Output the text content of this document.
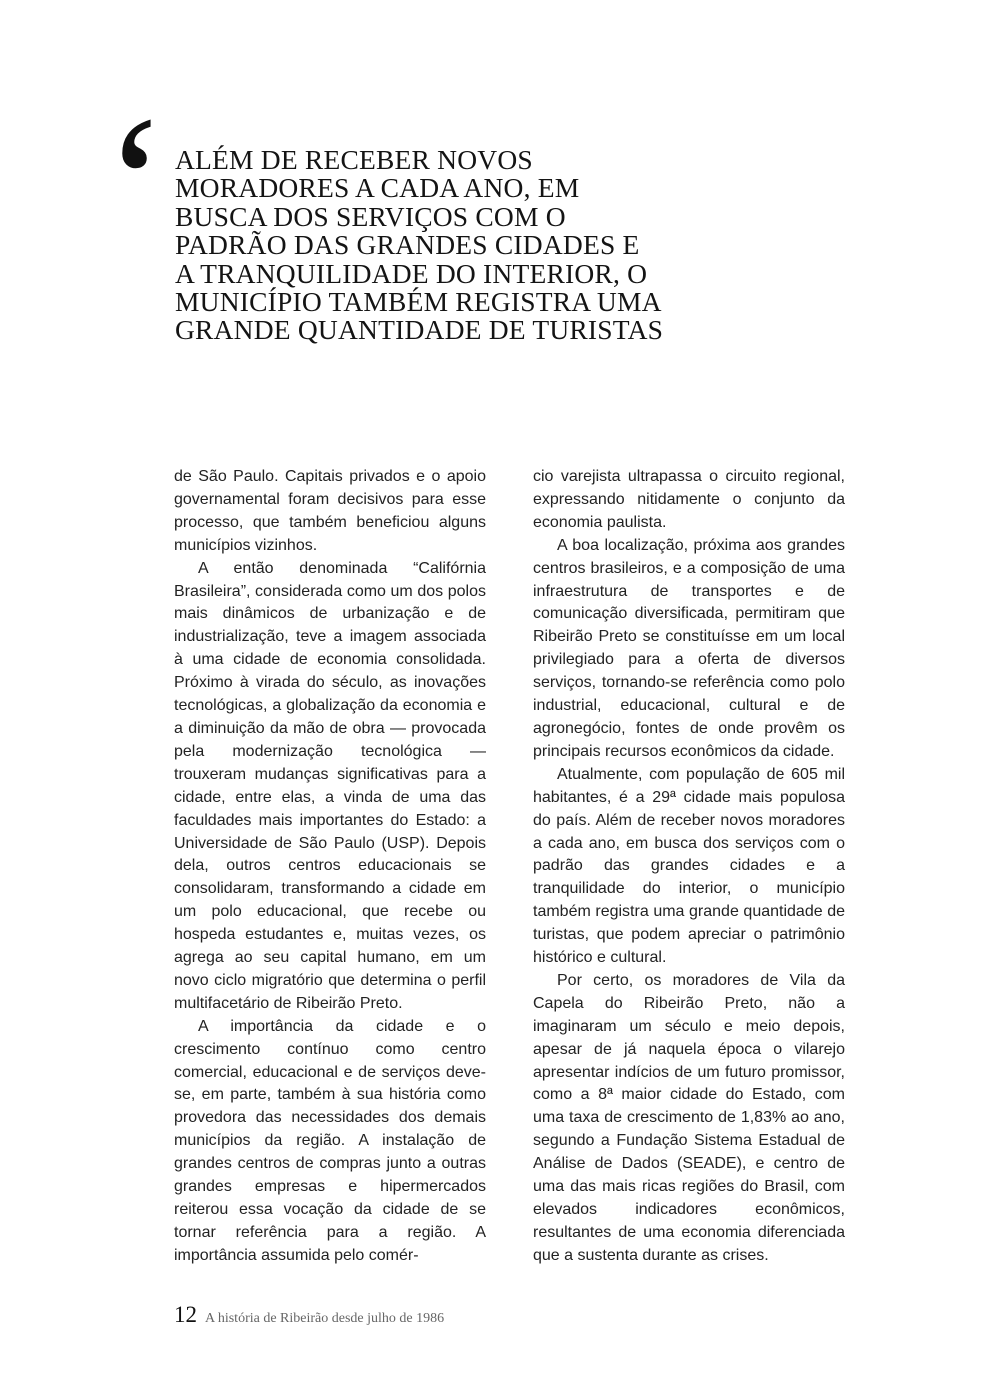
‘ ALÉM DE RECEBER NOVOS
MORADORES A CADA ANO, EM
BUSCA DOS SERVIÇOS COM O
PADRÃO DAS GRANDES CIDADES E
A TRANQUILIDADE DO INTERIOR, O
MUNICÍPIO TAMBÉM REGISTRA UMA
GRANDE QUANTIDADE DE TURISTAS

de São Paulo. Capitais privados e o apoio governamental foram decisivos para esse processo, que também beneficiou alguns municípios vizinhos.

A então denominada “Califórnia Brasileira”, considerada como um dos polos mais dinâmicos de urbanização e de industrialização, teve a imagem associada à uma cidade de economia consolidada. Próximo à virada do século, as inovações tecnológicas, a globalização da economia e a diminuição da mão de obra — provocada pela modernização tecnológica — trouxeram mudanças significativas para a cidade, entre elas, a vinda de uma das faculdades mais importantes do Estado: a Universidade de São Paulo (USP). Depois dela, outros centros educacionais se consolidaram, transformando a cidade em um polo educacional, que recebe ou hospeda estudantes e, muitas vezes, os agrega ao seu capital humano, em um novo ciclo migratório que determina o perfil multifacetário de Ribeirão Preto.

A importância da cidade e o crescimento contínuo como centro comercial, educacional e de serviços deve-se, em parte, também à sua história como provedora das necessidades dos demais municípios da região. A instalação de grandes centros de compras junto a outras grandes empresas e hipermercados reiterou essa vocação da cidade de se tornar referência para a região. A importância assumida pelo comér-

cio varejista ultrapassa o circuito regional, expressando nitidamente o conjunto da economia paulista.

A boa localização, próxima aos grandes centros brasileiros, e a composição de uma infraestrutura de transportes e de comunicação diversificada, permitiram que Ribeirão Preto se constituísse em um local privilegiado para a oferta de diversos serviços, tornando-se referência como polo industrial, educacional, cultural e de agronegócio, fontes de onde provêm os principais recursos econômicos da cidade.

Atualmente, com população de 605 mil habitantes, é a 29ª cidade mais populosa do país. Além de receber novos moradores a cada ano, em busca dos serviços com o padrão das grandes cidades e a tranquilidade do interior, o município também registra uma grande quantidade de turistas, que podem apreciar o patrimônio histórico e cultural.

Por certo, os moradores de Vila da Capela do Ribeirão Preto, não a imaginaram um século e meio depois, apesar de já naquela época o vilarejo apresentar indícios de um futuro promissor, como a 8ª maior cidade do Estado, com uma taxa de crescimento de 1,83% ao ano, segundo a Fundação Sistema Estadual de Análise de Dados (SEADE), e centro de uma das mais ricas regiões do Brasil, com elevados indicadores econômicos, resultantes de uma economia diferenciada que a sustenta durante as crises.

12 A história de Ribeirão desde julho de 1986
